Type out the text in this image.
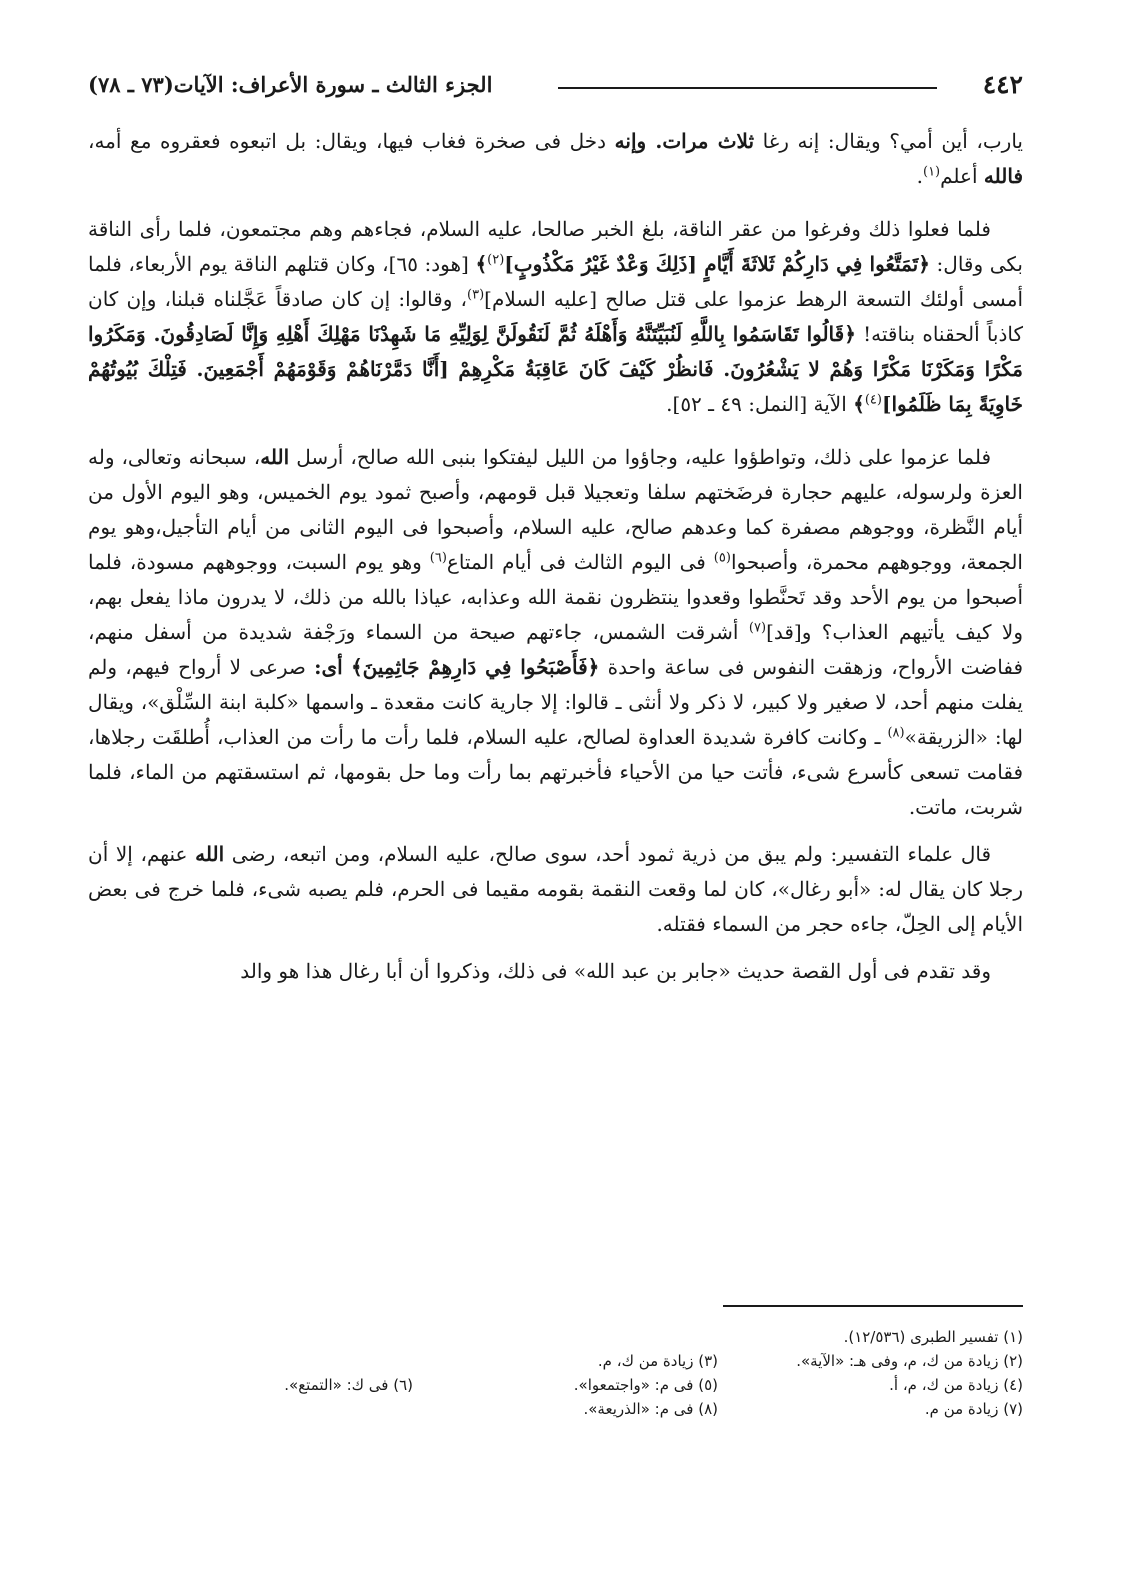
٤٤٢
الجزء الثالث ـ سورة الأعراف: الآيات(٧٣ ـ ٧٨)

يارب، أين أمي؟ ويقال: إنه رغا ثلاث مرات. وإنه دخل فى صخرة فغاب فيها، ويقال: بل اتبعوه فعقروه مع أمه، فالله أعلم$^{(١)}$.

فلما فعلوا ذلك وفرغوا من عقر الناقة، بلغ الخبر صالحا، عليه السلام، فجاءهم وهم مجتمعون، فلما رأى الناقة بكى وقال: ﴿تَمَتَّعُوا فِي دَارِكُمْ ثَلاثَةَ أَيَّامٍ [ذَلِكَ وَعْدٌ غَيْرُ مَكْذُوبٍ]$^{(٢)}$﴾ [هود: ٦٥]، وكان قتلهم الناقة يوم الأربعاء، فلما أمسى أولئك التسعة الرهط عزموا على قتل صالح [عليه السلام]$^{(٣)}$، وقالوا: إن كان صادقاً عَجَّلناه قبلنا، وإن كان كاذباً ألحقناه بناقته! ﴿قَالُوا تَقَاسَمُوا بِاللَّهِ لَنُبَيِّتَنَّهُ وَأَهْلَهُ ثُمَّ لَنَقُولَنَّ لِوَلِيِّهِ مَا شَهِدْنَا مَهْلِكَ أَهْلِهِ وَإِنَّا لَصَادِقُونَ. وَمَكَرُوا مَكْرًا وَمَكَرْنَا مَكْرًا وَهُمْ لا يَشْعُرُونَ. فَانظُرْ كَيْفَ كَانَ عَاقِبَةُ مَكْرِهِمْ [أَنَّا دَمَّرْنَاهُمْ وَقَوْمَهُمْ أَجْمَعِينَ. فَتِلْكَ بُيُوتُهُمْ خَاوِيَةً بِمَا ظَلَمُوا]$^{(٤)}$﴾ الآية [النمل: ٤٩ ـ ٥٢].

فلما عزموا على ذلك، وتواطؤوا عليه، وجاؤوا من الليل ليفتكوا بنبى الله صالح، أرسل الله، سبحانه وتعالى، وله العزة ولرسوله، عليهم حجارة فرضَختهم سلفا وتعجيلا قبل قومهم، وأصبح ثمود يوم الخميس، وهو اليوم الأول من أيام النَّظرة، ووجوهم مصفرة كما وعدهم صالح، عليه السلام، وأصبحوا فى اليوم الثانى من أيام التأجيل،وهو يوم الجمعة، ووجوههم محمرة، وأصبحوا$^{(٥)}$ فى اليوم الثالث فى أيام المتاع$^{(٦)}$ وهو يوم السبت، ووجوههم مسودة، فلما أصبحوا من يوم الأحد وقد تَحنَّطوا وقعدوا ينتظرون نقمة الله وعذابه، عياذا بالله من ذلك، لا يدرون ماذا يفعل بهم، ولا كيف يأتيهم العذاب؟ و[قد]$^{(٧)}$ أشرقت الشمس، جاءتهم صيحة من السماء ورَجْفة شديدة من أسفل منهم، ففاضت الأرواح، وزهقت النفوس فى ساعة واحدة ﴿فَأَصْبَحُوا فِي دَارِهِمْ جَاثِمِينَ﴾ أى: صرعى لا أرواح فيهم، ولم يفلت منهم أحد، لا صغير ولا كبير، لا ذكر ولا أنثى ـ قالوا: إلا جارية كانت مقعدة ـ واسمها «كلبة ابنة السِّلْق»، ويقال لها: «الزريقة»$^{(٨)}$ ـ وكانت كافرة شديدة العداوة لصالح، عليه السلام، فلما رأت ما رأت من العذاب، أُطلقَت رجلاها، فقامت تسعى كأسرع شىء، فأتت حيا من الأحياء فأخبرتهم بما رأت وما حل بقومها، ثم استسقتهم من الماء، فلما شربت، ماتت.

قال علماء التفسير: ولم يبق من ذرية ثمود أحد، سوى صالح، عليه السلام، ومن اتبعه، رضى الله عنهم، إلا أن رجلا كان يقال له: «أبو رغال»، كان لما وقعت النقمة بقومه مقيما فى الحرم، فلم يصبه شىء، فلما خرج فى بعض الأيام إلى الحِلّ، جاءه حجر من السماء فقتله.

وقد تقدم فى أول القصة حديث «جابر بن عبد الله» فى ذلك، وذكروا أن أبا رغال هذا هو والد

(١) تفسير الطبرى (١٢/٥٣٦).
(٢) زيادة من ك، م، وفى هـ: «الآية».
(٣) زيادة من ك، م.
(٤) زيادة من ك، م، أ.
(٥) فى م: «واجتمعوا».
(٦) فى ك: «التمتع».
(٧) زيادة من م.
(٨) فى م: «الذريعة».
